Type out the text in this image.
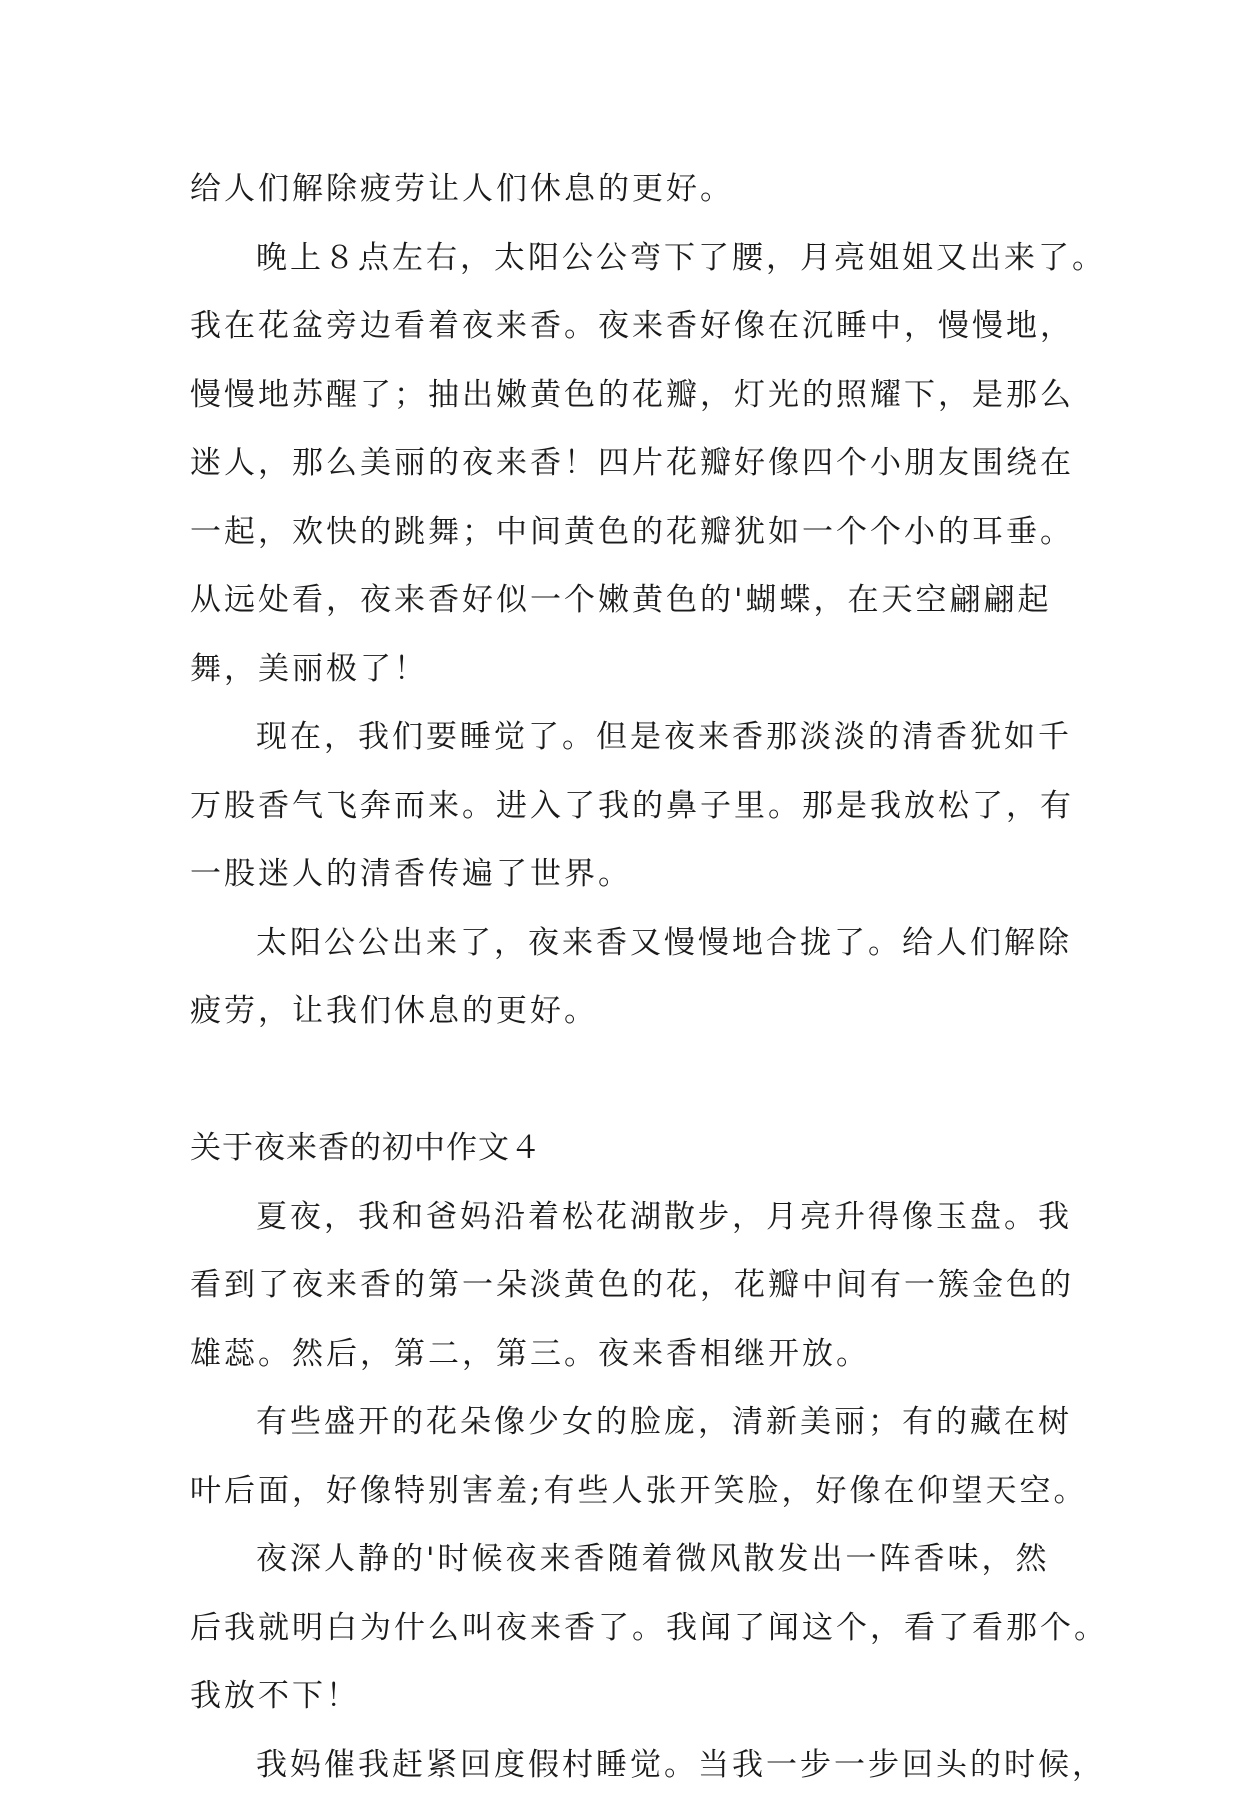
给人们解除疲劳让人们休息的更好。
晚上８点左右，太阳公公弯下了腰，月亮姐姐又出来了。
我在花盆旁边看着夜来香。夜来香好像在沉睡中，慢慢地，
慢慢地苏醒了；抽出嫩黄色的花瓣，灯光的照耀下，是那么
迷人，那么美丽的夜来香！四片花瓣好像四个小朋友围绕在
一起，欢快的跳舞；中间黄色的花瓣犹如一个个小的耳垂。
从远处看，夜来香好似一个嫩黄色的'蝴蝶，在天空翩翩起
舞，美丽极了！
现在，我们要睡觉了。但是夜来香那淡淡的清香犹如千
万股香气飞奔而来。进入了我的鼻子里。那是我放松了，有
一股迷人的清香传遍了世界。
太阳公公出来了，夜来香又慢慢地合拢了。给人们解除
疲劳，让我们休息的更好。
关于夜来香的初中作文４
夏夜，我和爸妈沿着松花湖散步，月亮升得像玉盘。我
看到了夜来香的第一朵淡黄色的花，花瓣中间有一簇金色的
雄蕊。然后，第二，第三。夜来香相继开放。
有些盛开的花朵像少女的脸庞，清新美丽；有的藏在树
叶后面，好像特别害羞;有些人张开笑脸，好像在仰望天空。
夜深人静的'时候夜来香随着微风散发出一阵香味，然
后我就明白为什么叫夜来香了。我闻了闻这个，看了看那个。
我放不下！
我妈催我赶紧回度假村睡觉。当我一步一步回头的时候，
